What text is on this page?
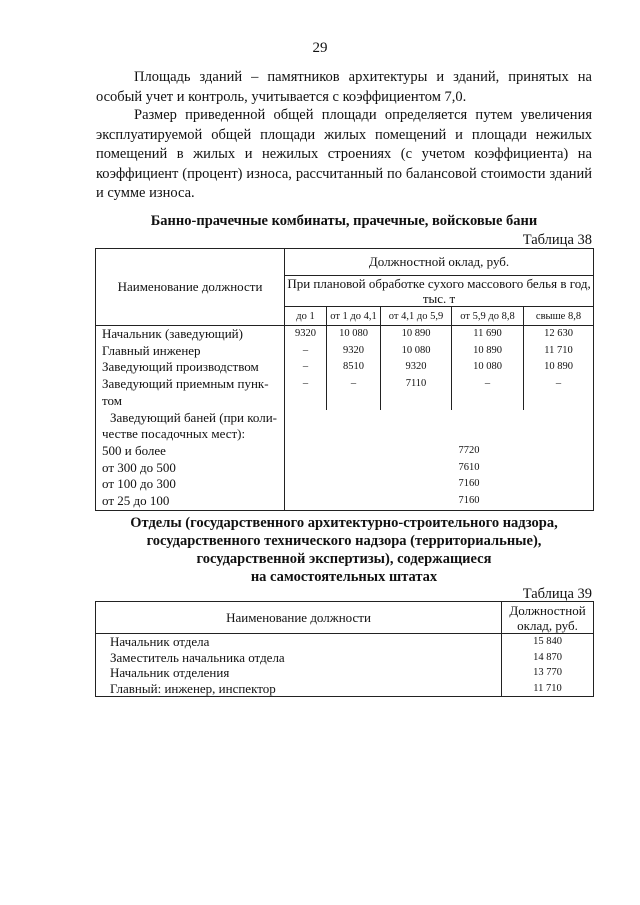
29

Площадь зданий – памятников архитектуры и зданий, принятых на особый учет и контроль, учитывается с коэффициентом 7,0.

Размер приведенной общей площади определяется путем увеличения эксплуатируемой общей площади жилых помещений и площади нежилых помещений в жилых и нежилых строениях (с учетом коэффициента) на коэффициент (процент) износа, рассчитанный по балансовой стоимости зданий и сумме износа.

Банно-прачечные комбинаты, прачечные, войсковые бани

Таблица 38
Наименование должности	Должностной оклад, руб.				
	При плановой обработке сухого массового белья в год, тыс. т				
	до 1	от 1 до 4,1	от 4,1 до 5,9	от 5,9 до 8,8	свыше 8,8
Начальник (заведующий)	9320	10 080	10 890	11 690	12 630
Главный инженер	–	9320	10 080	10 890	11 710
Заведующий производством	–	8510	9320	10 080	10 890
Заведующий приемным пунк-	–	–	7110	–	–
том					
Заведующий баней (при коли-					
честве посадочных мест):					
500 и более	7720				
от 300 до 500	7610				
от 100 до 300	7160				
от 25 до 100	7160				
Отделы (государственного архитектурно-строительного надзора,
государственного технического надзора (территориальные),
государственной экспертизы), содержащиеся
на самостоятельных штатах
Таблица 39
Наименование должности	Должностной
оклад, руб.

Начальник отдела	15 840
Заместитель начальника отдела	14 870
Начальник отделения	13 770
Главный: инженер, инспектор	11 710
